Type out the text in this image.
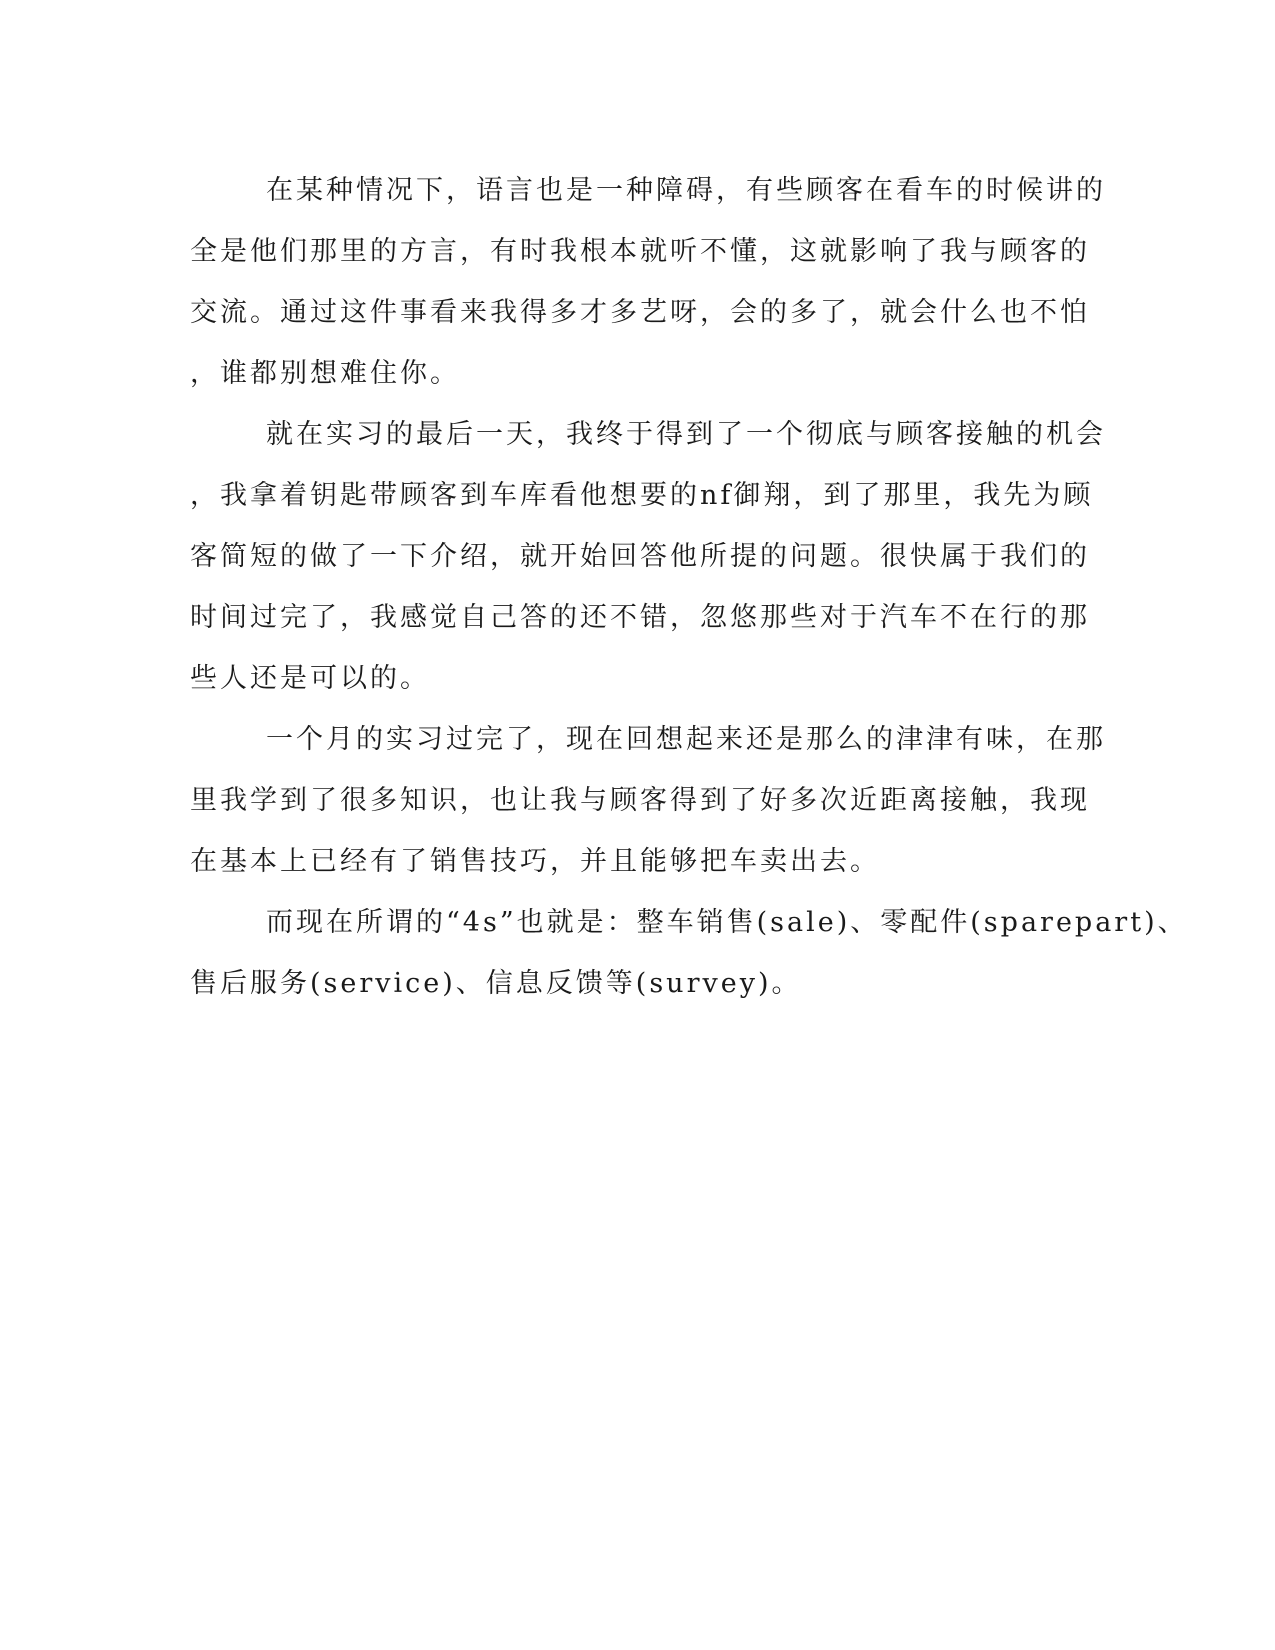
在某种情况下，语言也是一种障碍，有些顾客在看车的时候讲的
全是他们那里的方言，有时我根本就听不懂，这就影响了我与顾客的
交流。通过这件事看来我得多才多艺呀，会的多了，就会什么也不怕
，谁都别想难住你。
就在实习的最后一天，我终于得到了一个彻底与顾客接触的机会
，我拿着钥匙带顾客到车库看他想要的nf御翔，到了那里，我先为顾
客简短的做了一下介绍，就开始回答他所提的问题。很快属于我们的
时间过完了，我感觉自己答的还不错，忽悠那些对于汽车不在行的那
些人还是可以的。
一个月的实习过完了，现在回想起来还是那么的津津有味，在那
里我学到了很多知识，也让我与顾客得到了好多次近距离接触，我现
在基本上已经有了销售技巧，并且能够把车卖出去。
而现在所谓的“4s”也就是：整车销售(sale)、零配件(sparepart)、
售后服务(service)、信息反馈等(survey)。
